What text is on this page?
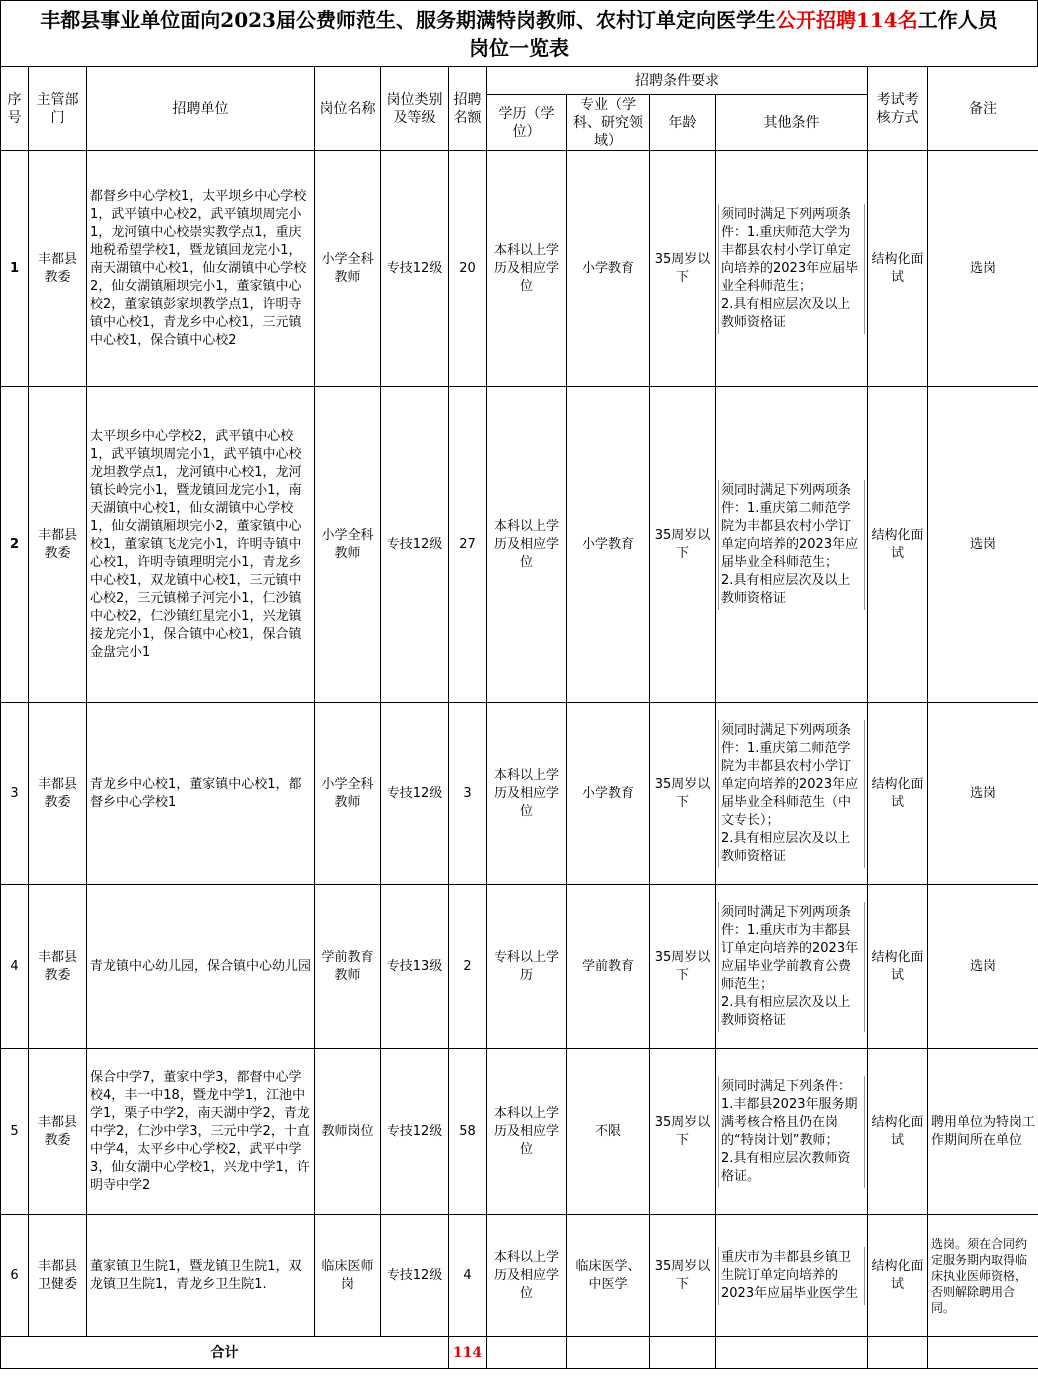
丰都县事业单位面向2023届公费师范生、服务期满特岗教师、农村订单定向医学生公开招聘114名工作人员
岗位一览表
序号	主管部门	招聘单位	岗位名称	岗位类别及等级	招聘名额	招聘条件要求				考试考核方式	备注
						学历（学位）	专业（学科、研究领域）	年龄	其他条件		
1	丰都县教委	都督乡中心学校1，太平坝乡中心学校1，武平镇中心校2，武平镇坝周完小1，龙河镇中心校崇实教学点1，重庆地税希望学校1，暨龙镇回龙完小1，南天湖镇中心校1，仙女湖镇中心学校2，仙女湖镇厢坝完小1，董家镇中心校2，董家镇彭家坝教学点1，许明寺镇中心校1，青龙乡中心校1，三元镇中心校1，保合镇中心校2	小学全科教师	专技12级	20	本科以上学历及相应学位	小学教育	35周岁以下	须同时满足下列两项条件：1.重庆师范大学为丰都县农村小学订单定向培养的2023年应届毕业全科师范生；
2.具有相应层次及以上教师资格证	结构化面试	选岗
2	丰都县教委	太平坝乡中心学校2，武平镇中心校1，武平镇坝周完小1，武平镇中心校龙坦教学点1，龙河镇中心校1，龙河镇长岭完小1，暨龙镇回龙完小1，南天湖镇中心校1，仙女湖镇中心学校1，仙女湖镇厢坝完小2，董家镇中心校1，董家镇飞龙完小1，许明寺镇中心校1，许明寺镇理明完小1，青龙乡中心校1，双龙镇中心校1，三元镇中心校2，三元镇梯子河完小1，仁沙镇中心校2，仁沙镇红星完小1，兴龙镇接龙完小1，保合镇中心校1，保合镇金盘完小1	小学全科教师	专技12级	27	本科以上学历及相应学位	小学教育	35周岁以下	须同时满足下列两项条件：1.重庆第二师范学院为丰都县农村小学订单定向培养的2023年应届毕业全科师范生；
2.具有相应层次及以上教师资格证	结构化面试	选岗
3	丰都县教委	青龙乡中心校1，董家镇中心校1，都督乡中心学校1	小学全科教师	专技12级	3	本科以上学历及相应学位	小学教育	35周岁以下	须同时满足下列两项条件：1.重庆第二师范学院为丰都县农村小学订单定向培养的2023年应届毕业全科师范生（中文专长）；
2.具有相应层次及以上教师资格证	结构化面试	选岗
4	丰都县教委	青龙镇中心幼儿园，保合镇中心幼儿园	学前教育教师	专技13级	2	专科以上学历	学前教育	35周岁以下	须同时满足下列两项条件：1.重庆市为丰都县订单定向培养的2023年应届毕业学前教育公费师范生；
2.具有相应层次及以上教师资格证	结构化面试	选岗
5	丰都县教委	保合中学7，董家中学3，都督中心学校4，丰一中18，暨龙中学1，江池中学1，栗子中学2，南天湖中学2，青龙中学2，仁沙中学3，三元中学2，十直中学4，太平乡中心学校2，武平中学3，仙女湖中心学校1，兴龙中学1，许明寺中学2	教师岗位	专技12级	58	本科以上学历及相应学位	不限	35周岁以下	须同时满足下列条件：1.丰都县2023年服务期满考核合格且仍在岗的“特岗计划”教师；
2.具有相应层次教师资格证。	结构化面试	聘用单位为特岗工作期间所在单位
6	丰都县卫健委	董家镇卫生院1，暨龙镇卫生院1，双龙镇卫生院1，青龙乡卫生院1.	临床医师岗	专技12级	4	本科以上学历及相应学位	临床医学、中医学	35周岁以下	重庆市为丰都县乡镇卫生院订单定向培养的2023年应届毕业医学生	结构化面试	选岗。须在合同约定服务期内取得临床执业医师资格，否则解除聘用合同。
合计					114						
